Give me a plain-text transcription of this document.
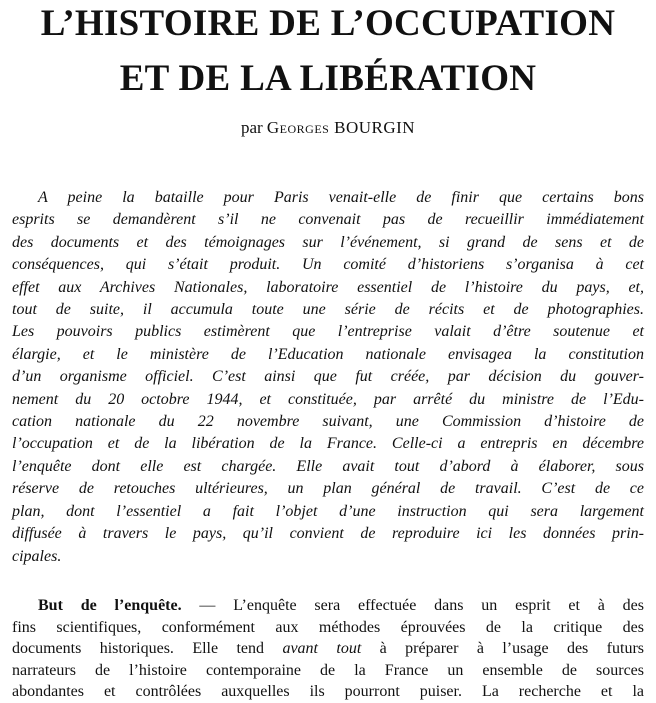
L’HISTOIRE DE L’OCCUPATION
ET DE LA LIBÉRATION
par Georges BOURGIN
A peine la bataille pour Paris venait-elle de finir que certains bons
esprits se demandèrent s’il ne convenait pas de recueillir immédiatement
des documents et des témoignages sur l’événement, si grand de sens et de
conséquences, qui s’était produit. Un comité d’historiens s’organisa à cet
effet aux Archives Nationales, laboratoire essentiel de l’histoire du pays, et,
tout de suite, il accumula toute une série de récits et de photographies.
Les pouvoirs publics estimèrent que l’entreprise valait d’être soutenue et
élargie, et le ministère de l’Education nationale envisagea la constitution
d’un organisme officiel. C’est ainsi que fut créée, par décision du gouver-
nement du 20 octobre 1944, et constituée, par arrêté du ministre de l’Edu-
cation nationale du 22 novembre suivant, une Commission d’histoire de
l’occupation et de la libération de la France. Celle-ci a entrepris en décembre
l’enquête dont elle est chargée. Elle avait tout d’abord à élaborer, sous
réserve de retouches ultérieures, un plan général de travail. C’est de ce
plan, dont l’essentiel a fait l’objet d’une instruction qui sera largement
diffusée à travers le pays, qu’il convient de reproduire ici les données prin-
cipales.
But de l’enquête. — L’enquête sera effectuée dans un esprit et à des
fins scientifiques, conformément aux méthodes éprouvées de la critique des
documents historiques. Elle tend avant tout à préparer à l’usage des futurs
narrateurs de l’histoire contemporaine de la France un ensemble de sources
abondantes et contrôlées auxquelles ils pourront puiser. La recherche et la
